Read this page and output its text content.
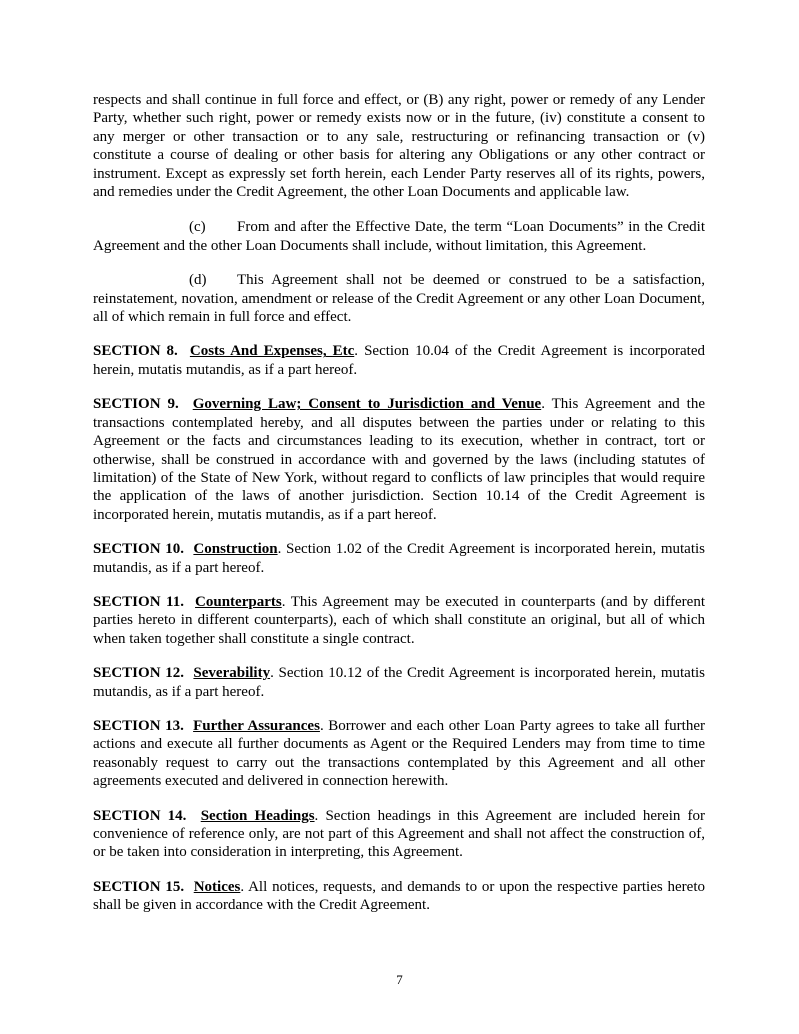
respects and shall continue in full force and effect, or (B) any right, power or remedy of any Lender Party, whether such right, power or remedy exists now or in the future, (iv) constitute a consent to any merger or other transaction or to any sale, restructuring or refinancing transaction or (v) constitute a course of dealing or other basis for altering any Obligations or any other contract or instrument. Except as expressly set forth herein, each Lender Party reserves all of its rights, powers, and remedies under the Credit Agreement, the other Loan Documents and applicable law.

(c) From and after the Effective Date, the term “Loan Documents” in the Credit Agreement and the other Loan Documents shall include, without limitation, this Agreement.

(d) This Agreement shall not be deemed or construed to be a satisfaction, reinstatement, novation, amendment or release of the Credit Agreement or any other Loan Document, all of which remain in full force and effect.

SECTION 8. Costs And Expenses, Etc. Section 10.04 of the Credit Agreement is incorporated herein, mutatis mutandis, as if a part hereof.

SECTION 9. Governing Law; Consent to Jurisdiction and Venue. This Agreement and the transactions contemplated hereby, and all disputes between the parties under or relating to this Agreement or the facts and circumstances leading to its execution, whether in contract, tort or otherwise, shall be construed in accordance with and governed by the laws (including statutes of limitation) of the State of New York, without regard to conflicts of law principles that would require the application of the laws of another jurisdiction. Section 10.14 of the Credit Agreement is incorporated herein, mutatis mutandis, as if a part hereof.

SECTION 10. Construction. Section 1.02 of the Credit Agreement is incorporated herein, mutatis mutandis, as if a part hereof.

SECTION 11. Counterparts. This Agreement may be executed in counterparts (and by different parties hereto in different counterparts), each of which shall constitute an original, but all of which when taken together shall constitute a single contract.

SECTION 12. Severability. Section 10.12 of the Credit Agreement is incorporated herein, mutatis mutandis, as if a part hereof.

SECTION 13. Further Assurances. Borrower and each other Loan Party agrees to take all further actions and execute all further documents as Agent or the Required Lenders may from time to time reasonably request to carry out the transactions contemplated by this Agreement and all other agreements executed and delivered in connection herewith.

SECTION 14. Section Headings. Section headings in this Agreement are included herein for convenience of reference only, are not part of this Agreement and shall not affect the construction of, or be taken into consideration in interpreting, this Agreement.

SECTION 15. Notices. All notices, requests, and demands to or upon the respective parties hereto shall be given in accordance with the Credit Agreement.

7
